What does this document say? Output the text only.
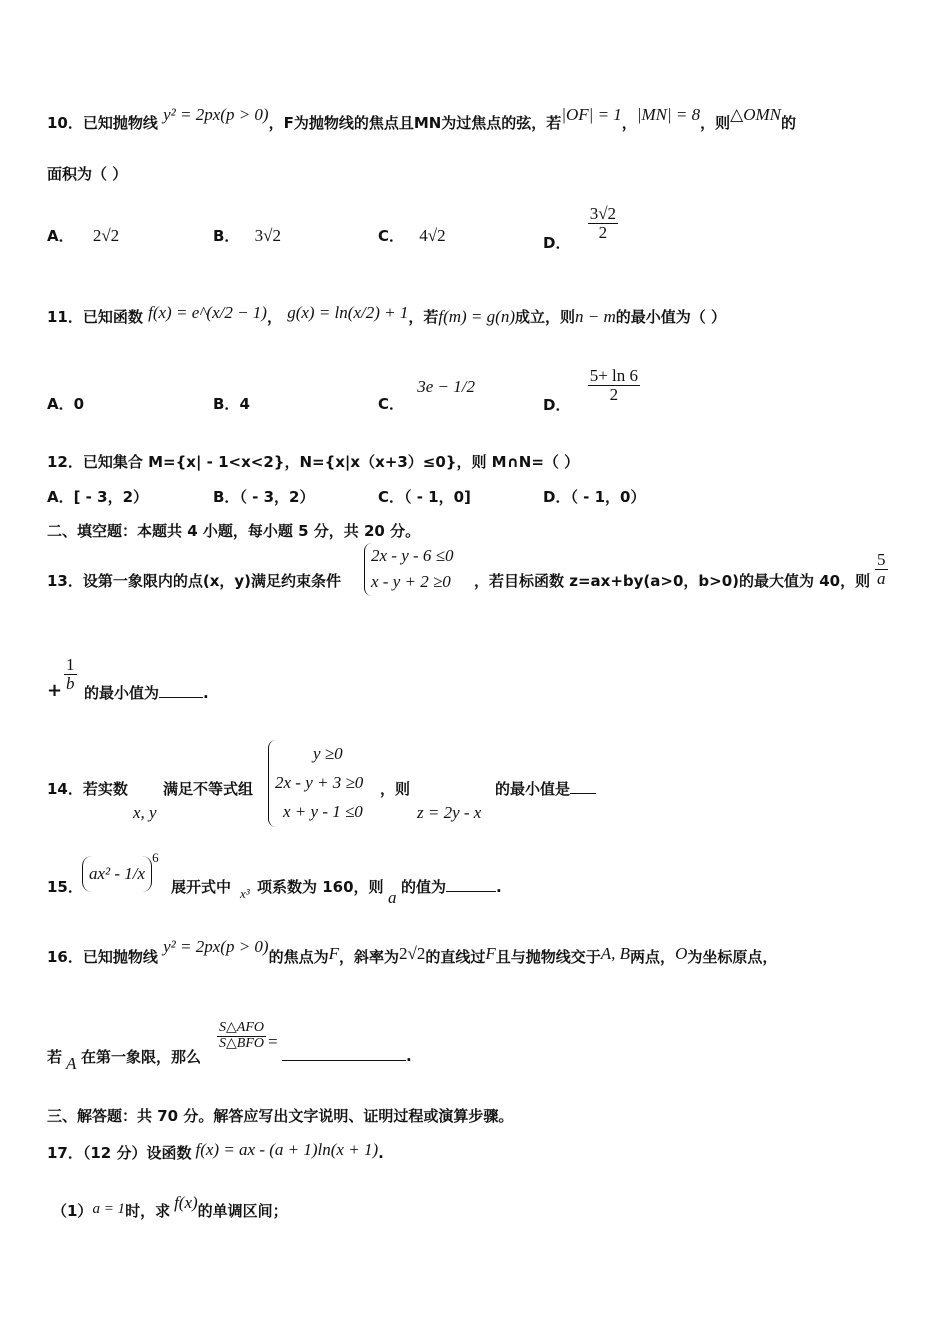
10．已知抛物线 y² = 2px(p > 0)，F为抛物线的焦点且MN为过焦点的弦，若|OF| = 1，|MN| = 8，则△OMN的
面积为（ ）
A． 2√2	B． 3√2	C． 4√2	D．
$\frac{3√2}{2}$
11．已知函数 f(x) = e^(x/2 − 1)， g(x) = ln(x/2) + 1，若f(m) = g(n)成立，则n − m的最小值为（ ）
A．0	B．4	C． 3e − 1/2
D．
$\frac{5+ \ln 6}{2}$
12．已知集合 M={x| - 1<x<2}，N={x|x（x+3）≤0}，则 M∩N=（ ）
A．[ - 3，2）	B．（ - 3，2）	C．（ - 1，0]	D．（ - 1，0）
二、填空题：本题共 4 小题，每小题 5 分，共 20 分。
13．设第一象限内的点(x，y)满足约束条件
2x - y - 6 ≤0
x - y + 2 ≥0 ，若目标函数 z=ax+by(a>0，b>0)的最大值为 40，则 $\frac{5}{a}$
+ $\frac{1}{b}$
的最小值为	.
14．若实数
x, y
满足不等式组
y ≥0
2x - y + 3 ≥0
x + y - 1 ≤0
，则
z = 2y - x
的最小值是
15．
$ax^2 - 1/x^6$
展开式中 x³ 项系数为 160，则
a
的值为	.
16．已知抛物线 y² = 2px(p > 0)的焦点为F，斜率为2√2的直线过F且与抛物线交于A, B两点，O为坐标原点，
若 A 在第一象限，那么
$\frac{\text{S△AFO}}{\text{S△BFO}}$ =
.
三、解答题：共 70 分。解答应写出文字说明、证明过程或演算步骤。
17．（12 分）设函数 f(x) = ax - (a + 1)ln(x + 1).
（1）a = 1时，求 f(x)的单调区间；
